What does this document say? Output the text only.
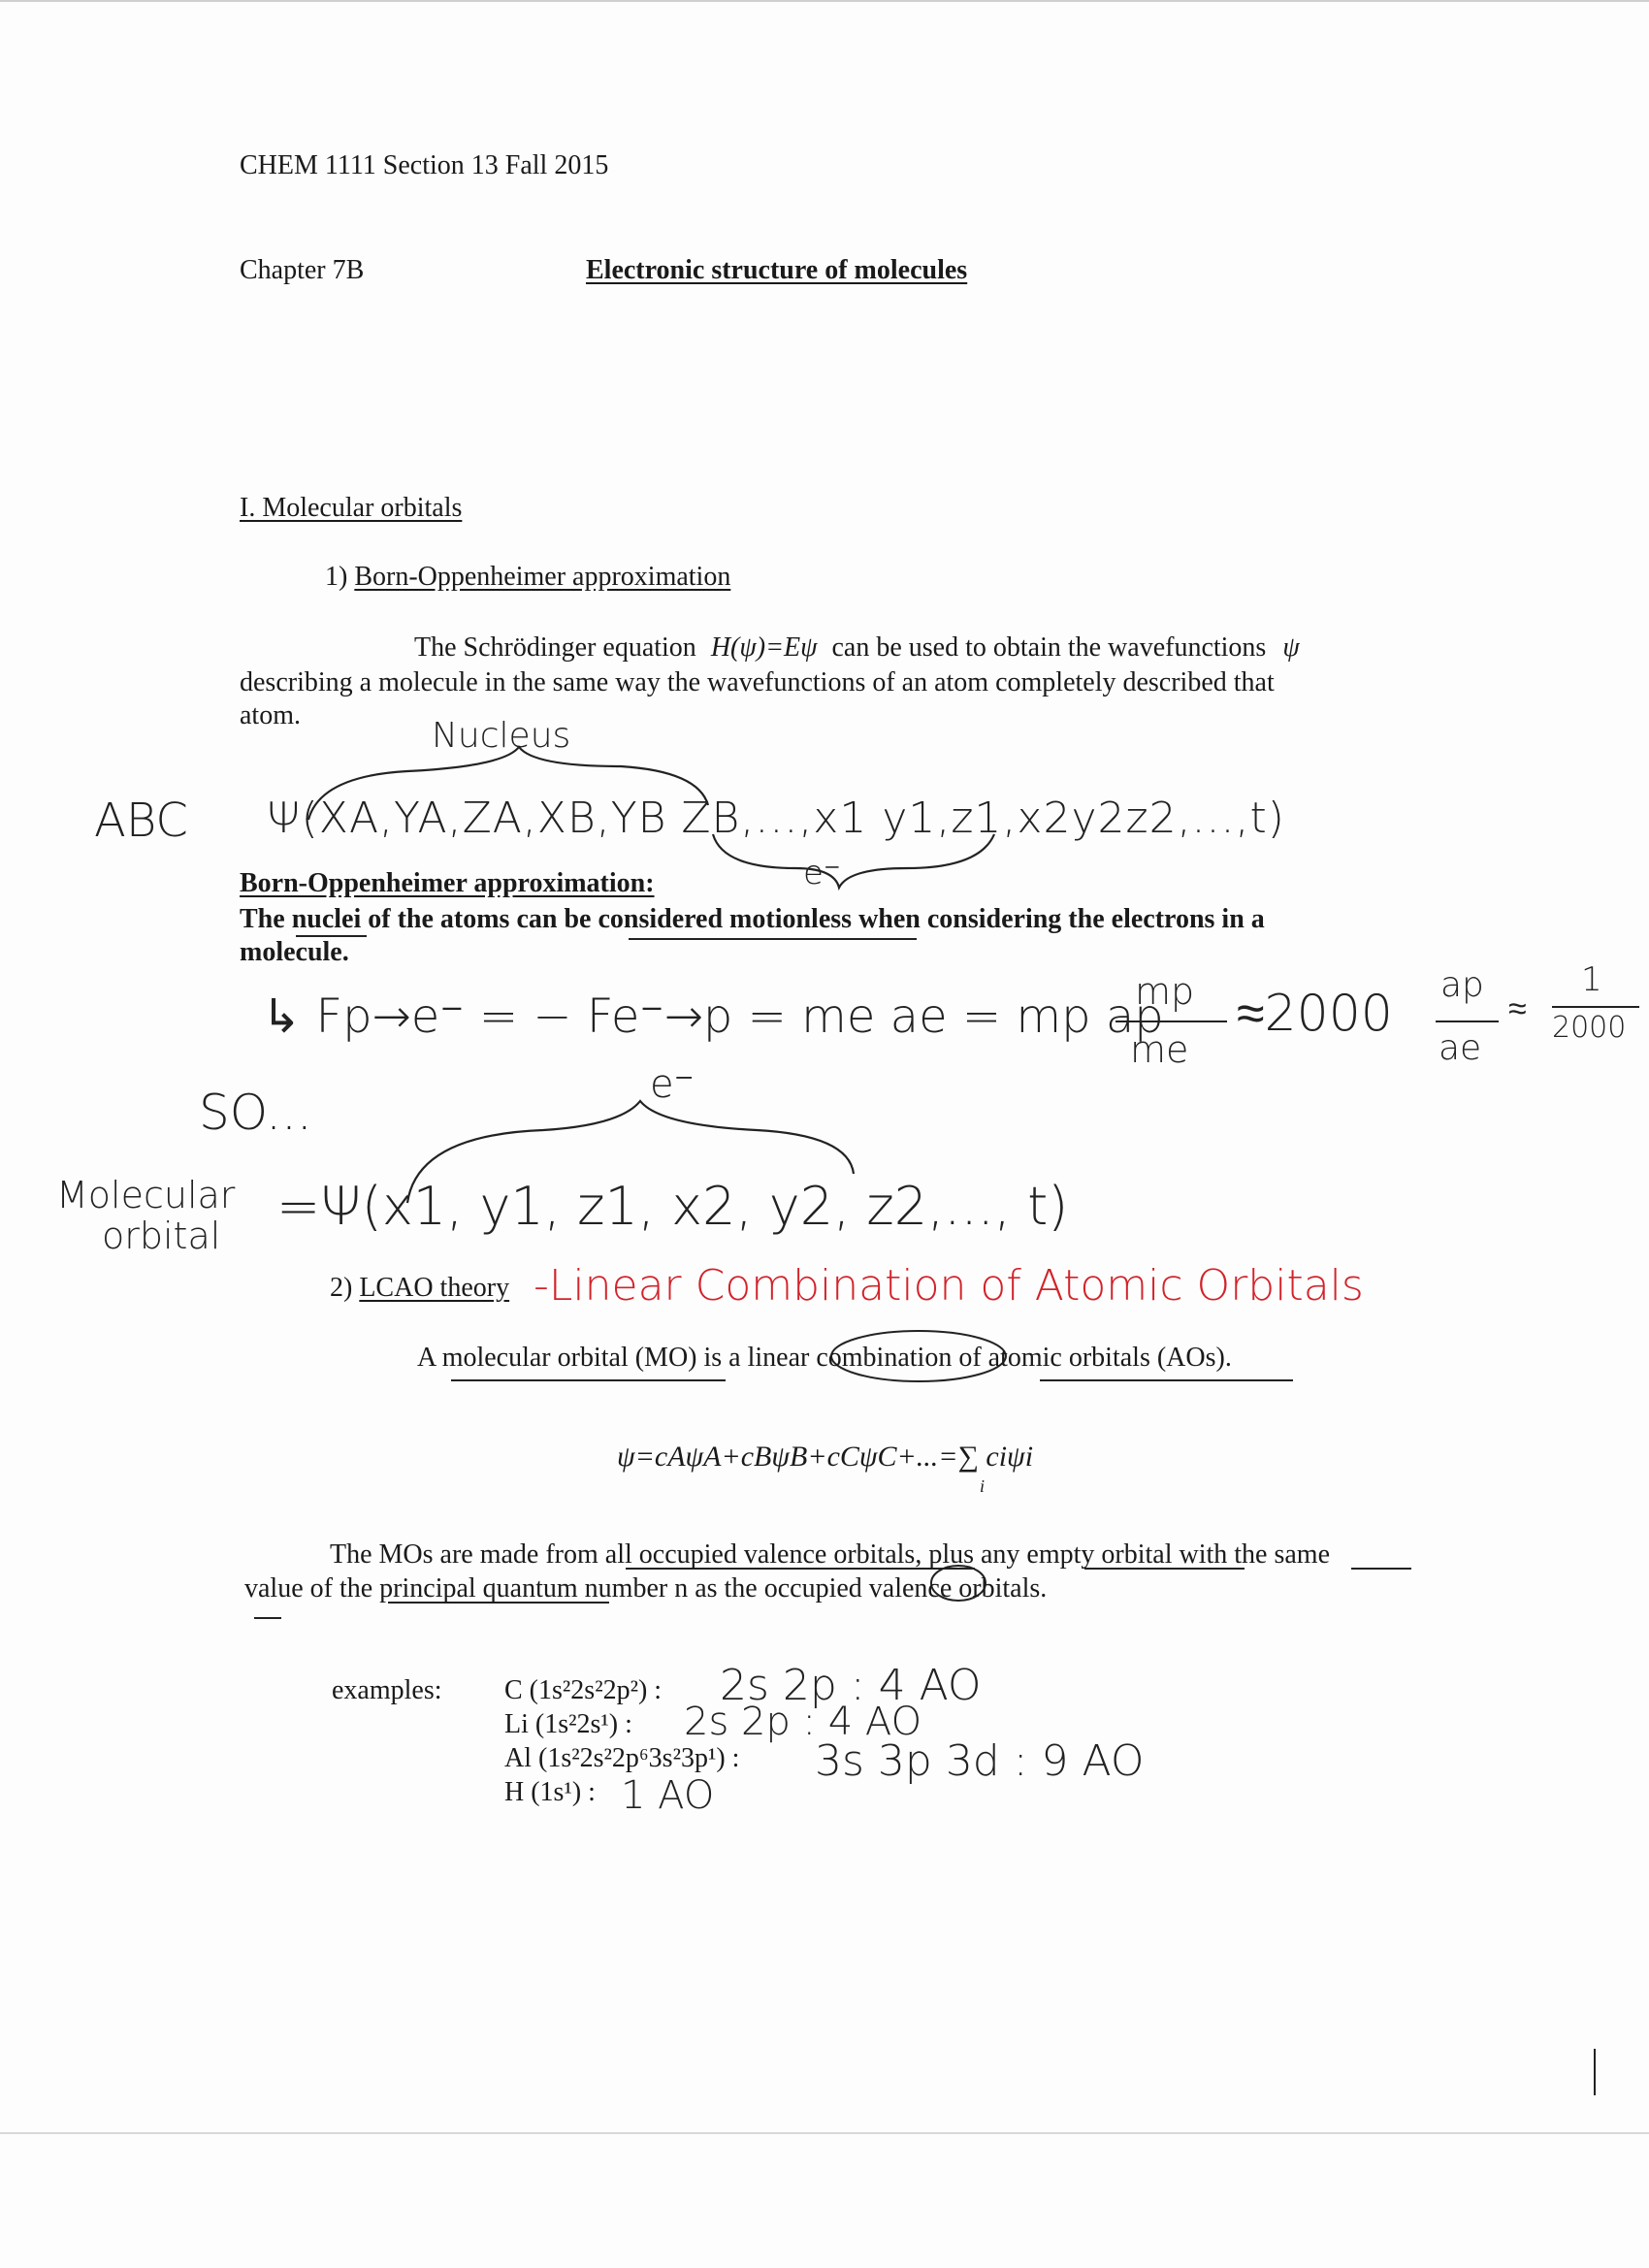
CHEM 1111 Section 13 Fall 2015
Chapter 7B	Electronic structure of molecules
I. Molecular orbitals
1) Born-Oppenheimer approximation
The Schrödinger equation H(ψ)=Eψ can be used to obtain the wavefunctions ψ
describing a molecule in the same way the wavefunctions of an atom completely described that
atom.
Nucleus
ABC Ψ(XA,YA,ZA,XB,YB ZB,...,x1 y1,z1,x2y2z2,...,t)
e⁻
Born-Oppenheimer approximation:
The nuclei of the atoms can be considered motionless when considering the electrons in a
molecule.
↳ Fp→e⁻ = − Fe⁻→p = me ae = mp ap
mp
me
≈2000 ap
ae
≈
1
2000
SO...	e⁻
Molecular
orbital =Ψ(x1, y1, z1, x2, y2, z2,..., t)
2) LCAO theory -Linear Combination of Atomic Orbitals
A molecular orbital (MO) is a linear combination of atomic orbitals (AOs).
ψ=cAψA+cBψB+cCψC+...=∑ ciψi
i
The MOs are made from all occupied valence orbitals, plus any empty orbital with the same
value of the principal quantum number n as the occupied valence orbitals.
examples: C (1s²2s²2p²) : 2s 2p : 4 AO
Li (1s²2s¹) : 2s 2p : 4 AO
Al (1s²2s²2p⁶3s²3p¹) : 3s 3p 3d : 9 AO
H (1s¹) : 1 AO
